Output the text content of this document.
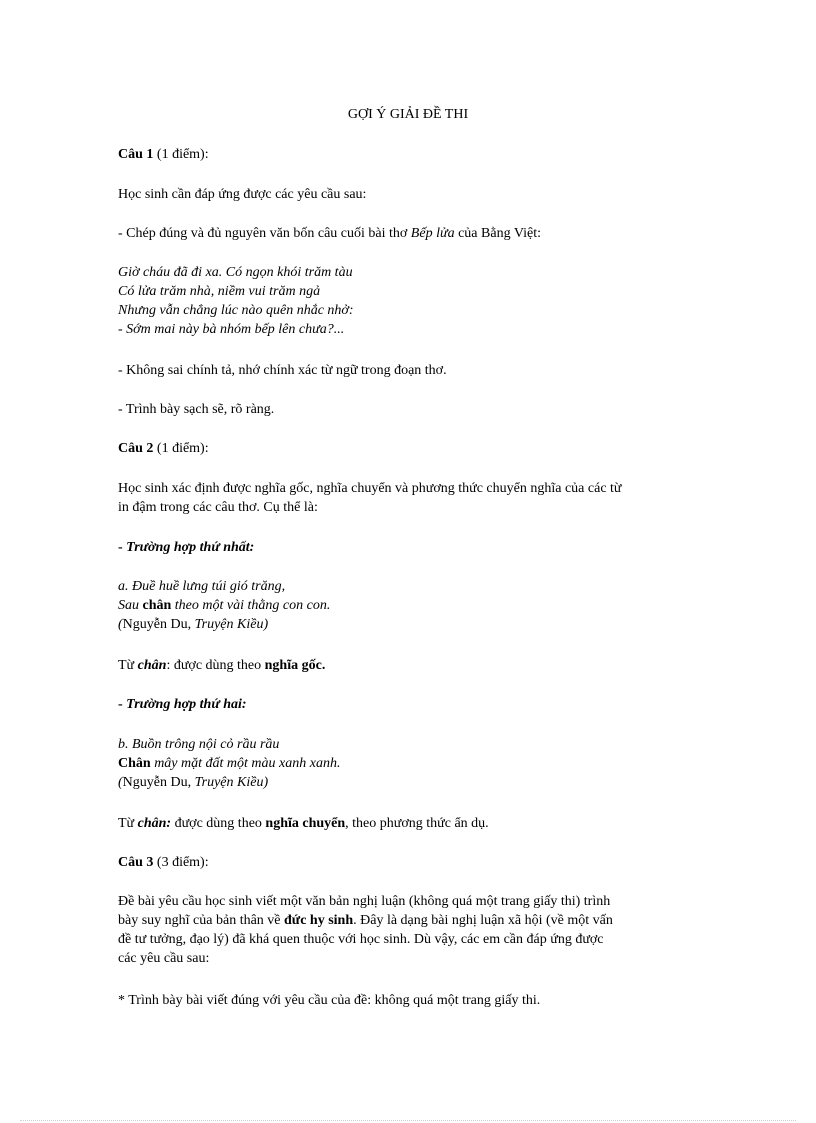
GỢI Ý GIẢI ĐỀ THI

Câu 1 (1 điểm):

Học sinh cần đáp ứng được các yêu cầu sau:

- Chép đúng và đủ nguyên văn bốn câu cuối bài thơ Bếp lửa của Bằng Việt:

Giờ cháu đã đi xa. Có ngọn khói trăm tàu

Có lửa trăm nhà, niềm vui trăm ngả

Nhưng vẫn chẳng lúc nào quên nhắc nhở:

- Sớm mai này bà nhóm bếp lên chưa?...

- Không sai chính tả, nhớ chính xác từ ngữ trong đoạn thơ.

- Trình bày sạch sẽ, rõ ràng.

Câu 2 (1 điểm):

Học sinh xác định được nghĩa gốc, nghĩa chuyển và phương thức chuyển nghĩa của các từ

in đậm trong các câu thơ. Cụ thể là:

- Trường hợp thứ nhất:

a. Đuề huề lưng túi gió trăng,

Sau chân theo một vài thằng con con.

(Nguyễn Du, Truyện Kiều)

Từ chân: được dùng theo nghĩa gốc.

- Trường hợp thứ hai:

b. Buồn trông nội cỏ rầu rầu

Chân mây mặt đất một màu xanh xanh.

(Nguyễn Du, Truyện Kiều)

Từ chân: được dùng theo nghĩa chuyển, theo phương thức ẩn dụ.

Câu 3 (3 điểm):

Đề bài yêu cầu học sinh viết một văn bản nghị luận (không quá một trang giấy thi) trình

bày suy nghĩ của bản thân về đức hy sinh. Đây là dạng bài nghị luận xã hội (về một vấn

đề tư tưởng, đạo lý) đã khá quen thuộc với học sinh. Dù vậy, các em cần đáp ứng được

các yêu cầu sau:

* Trình bày bài viết đúng với yêu cầu của đề: không quá một trang giấy thi.
